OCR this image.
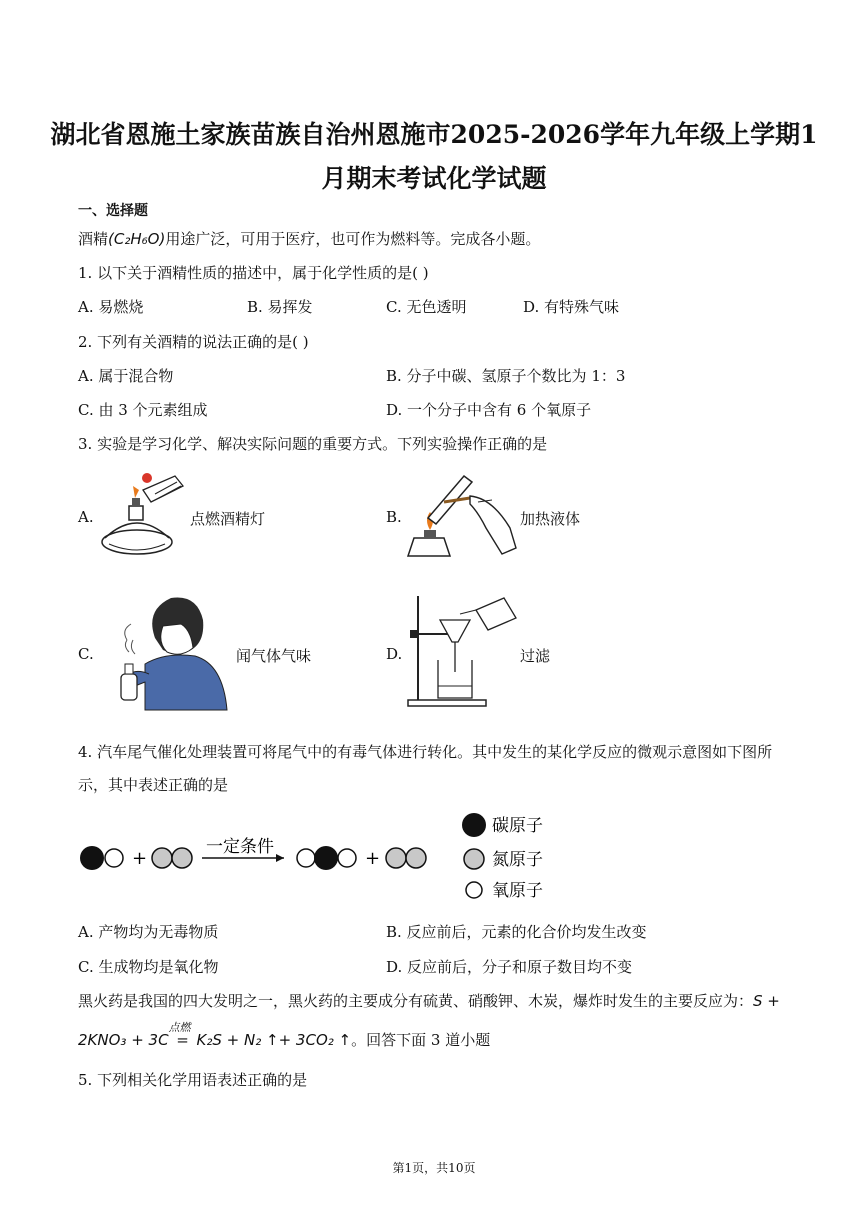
湖北省恩施土家族苗族自治州恩施市2025-2026学年九年级上学期1
月期末考试化学试题
一、选择题
酒精(C₂H₆O)用途广泛，可用于医疗，也可作为燃料等。完成各小题。
1. 以下关于酒精性质的描述中，属于化学性质的是( )
A. 易燃烧	B. 易挥发	C. 无色透明	D. 有特殊气味
2. 下列有关酒精的说法正确的是( )
A. 属于混合物	B. 分子中碳、氢原子个数比为 1：3
C. 由 3 个元素组成	D. 一个分子中含有 6 个氧原子
3. 实验是学习化学、解决实际问题的重要方式。下列实验操作正确的是
A.	点燃酒精灯	B.	加热液体
C.	闻气体气味	D.	过滤
4. 汽车尾气催化处理装置可将尾气中的有毒气体进行转化。其中发生的某化学反应的微观示意图如下图所
示，其中表述正确的是
+
一定条件
+
碳原子
氮原子
氧原子
A. 产物均为无毒物质	B. 反应前后，元素的化合价均发生改变
C. 生成物均是氧化物	D. 反应前后，分子和原子数目均不变
黑火药是我国的四大发明之一，黑火药的主要成分有硫黄、硝酸钾、木炭，爆炸时发生的主要反应为：S +
2KNO₃ + 3C
点燃
= K₂S + N₂ ↑+ 3CO₂ ↑。回答下面 3 道小题
5. 下列相关化学用语表述正确的是
第1页，共10页
